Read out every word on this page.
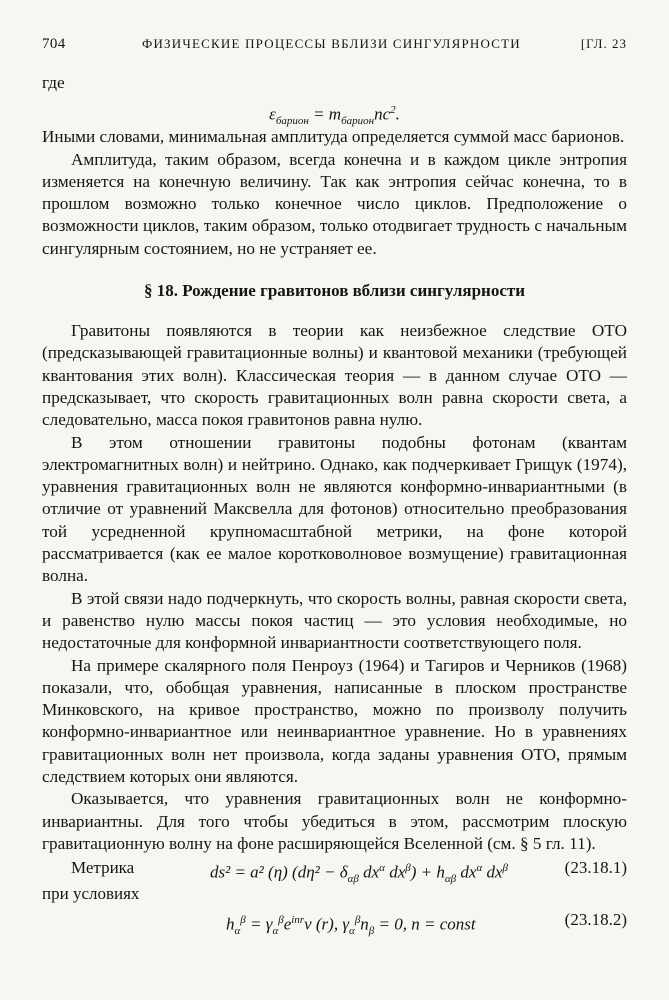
704	ФИЗИЧЕСКИЕ ПРОЦЕССЫ ВБЛИЗИ СИНГУЛЯРНОСТИ	[ГЛ. 23

где

$\varepsilon_{барион} = m_{барион}nc^2$.

Иными словами, минимальная амплитуда определяется суммой масс барионов.

Амплитуда, таким образом, всегда конечна и в каждом цикле энтропия изменяется на конечную величину. Так как энтропия сейчас конечна, то в прошлом возможно только конечное число циклов. Предположение о возможности циклов, таким образом, только отодвигает трудность с начальным сингулярным состоянием, но не устраняет ее.

§ 18. Рождение гравитонов вблизи сингулярности

Гравитоны появляются в теории как неизбежное следствие ОТО (предсказывающей гравитационные волны) и квантовой механики (требующей квантования этих волн). Классическая теория — в данном случае ОТО — предсказывает, что скорость гравитационных волн равна скорости света, а следовательно, масса покоя гравитонов равна нулю.

В этом отношении гравитоны подобны фотонам (квантам электромагнитных волн) и нейтрино. Однако, как подчеркивает Грищук (1974), уравнения гравитационных волн не являются конформно-инвариантными (в отличие от уравнений Максвелла для фотонов) относительно преобразования той усредненной крупномасштабной метрики, на фоне которой рассматривается (как ее малое коротковолновое возмущение) гравитационная волна.

В этой связи надо подчеркнуть, что скорость волны, равная скорости света, и равенство нулю массы покоя частиц — это условия необходимые, но недостаточные для конформной инвариантности соответствующего поля.

На примере скалярного поля Пенроуз (1964) и Тагиров и Черников (1968) показали, что, обобщая уравнения, написанные в плоском пространстве Минковского, на кривое пространство, можно по произволу получить конформно-инвариантное или неинвариантное уравнение. Но в уравнениях гравитационных волн нет произвола, когда заданы уравнения ОТО, прямым следствием которых они являются.

Оказывается, что уравнения гравитационных волн не конформно-инвариантны. Для того чтобы убедиться в этом, рассмотрим плоскую гравитационную волну на фоне расширяющейся Вселенной (см. § 5 гл. 11).

Метрика	ds² = a² (η) ($d\eta^2 - \delta_{\alpha\beta}$ $dx^\alpha$ $dx^\beta) + h_{\alpha\beta}$ $dx^\alpha$ $dx^\beta$	(23.18.1)
при условиях
$h_\alpha^\beta = \gamma_\alpha^\beta e^{inr}\nu$ (r), $\gamma_\alpha^\beta n_\beta = 0$, n = const	(23.18.2)
